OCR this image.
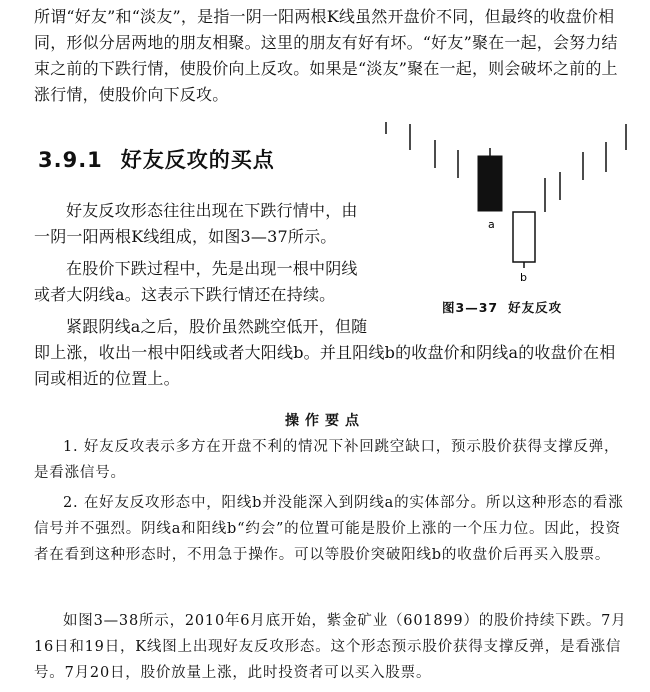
所谓“好友”和“淡友”，是指一阴一阳两根K线虽然开盘价不同，但最终的收盘价相同，形似分居两地的朋友相聚。这里的朋友有好有坏。“好友”聚在一起，会努力结束之前的下跌行情，使股价向上反攻。如果是“淡友”聚在一起，则会破坏之前的上涨行情，使股价向下反攻。
3.9.1 好友反攻的买点
好友反攻形态往往出现在下跌行情中，由一阴一阳两根K线组成，如图3—37所示。
在股价下跌过程中，先是出现一根中阴线或者大阴线a。这表示下跌行情还在持续。
紧跟阴线a之后，股价虽然跳空低开，但随
即上涨，收出一根中阳线或者大阳线b。并且阳线b的收盘价和阴线a的收盘价在相同或相近的位置上。
a
b
图3—37 好友反攻
操作要点
1. 好友反攻表示多方在开盘不利的情况下补回跳空缺口，预示股价获得支撑反弹，是看涨信号。
2. 在好友反攻形态中，阳线b并没能深入到阴线a的实体部分。所以这种形态的看涨信号并不强烈。阴线a和阳线b“约会”的位置可能是股价上涨的一个压力位。因此，投资者在看到这种形态时，不用急于操作。可以等股价突破阳线b的收盘价后再买入股票。
如图3—38所示，2010年6月底开始，紫金矿业（601899）的股价持续下跌。7月16日和19日，K线图上出现好友反攻形态。这个形态预示股价获得支撑反弹，是看涨信号。7月20日，股价放量上涨，此时投资者可以买入股票。
